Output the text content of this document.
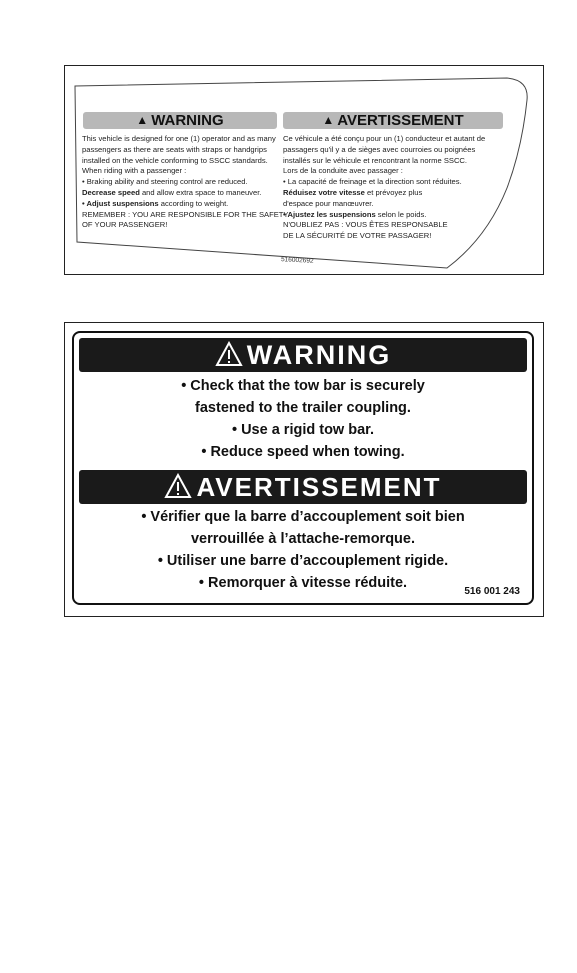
▲ WARNING	▲ AVERTISSEMENT
This vehicle is designed for one (1) operator and as many
passengers as there are seats with straps or handgrips
installed on the vehicle conforming to SSCC standards.
When riding with a passenger :
• Braking ability and steering control are reduced.
Decrease speed and allow extra space to maneuver.
• Adjust suspensions according to weight.
REMEMBER : YOU ARE RESPONSIBLE FOR THE SAFETY
OF YOUR PASSENGER!
Ce véhicule a été conçu pour un (1) conducteur et autant de
passagers qu'il y a de sièges avec courroies ou poignées
installés sur le véhicule et rencontrant la norme SSCC.
Lors de la conduite avec passager :
• La capacité de freinage et la direction sont réduites.
Réduisez votre vitesse et prévoyez plus
d'espace pour manœuvrer.
• Ajustez les suspensions selon le poids.
N'OUBLIEZ PAS : VOUS ÊTES RESPONSABLE
DE LA SÉCURITÉ DE VOTRE PASSAGER!
516002692
WARNING
• Check that the tow bar is securely
fastened to the trailer coupling.
• Use a rigid tow bar.
• Reduce speed when towing.
AVERTISSEMENT
• Vérifier que la barre d’accouplement soit bien
verrouillée à l’attache-remorque.
• Utiliser une barre d’accouplement rigide.
• Remorquer à vitesse réduite.
516 001 243
